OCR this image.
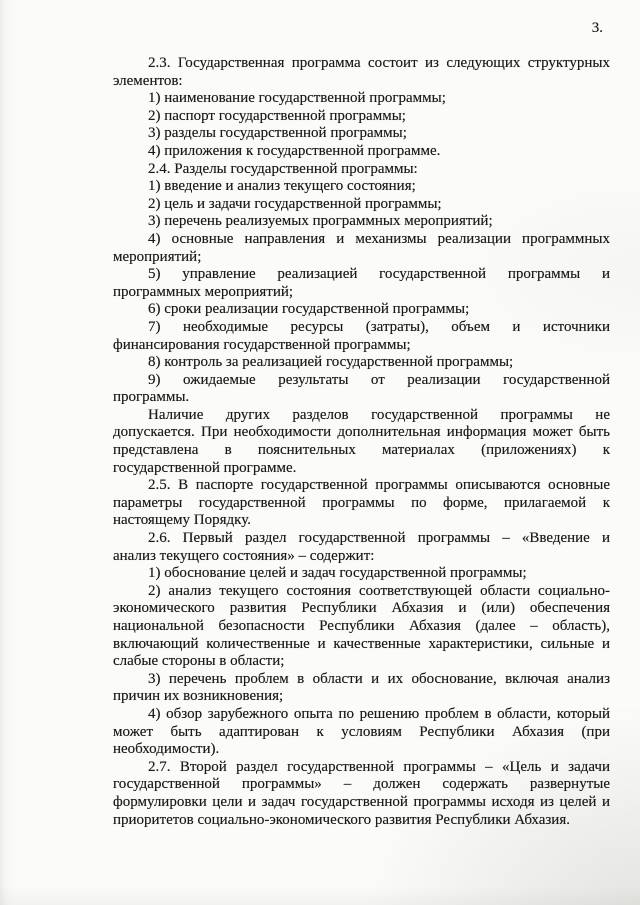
3.
2.3. Государственная программа состоит из следующих структурных
элементов:
1) наименование государственной программы;
2) паспорт государственной программы;
3) разделы государственной программы;
4) приложения к государственной программе.
2.4. Разделы государственной программы:
1) введение и анализ текущего состояния;
2) цель и задачи государственной программы;
3) перечень реализуемых программных мероприятий;
4) основные направления и механизмы реализации программных
мероприятий;
5) управление реализацией государственной программы и
программных мероприятий;
6) сроки реализации государственной программы;
7) необходимые ресурсы (затраты), объем и источники
финансирования государственной программы;
8) контроль за реализацией государственной программы;
9) ожидаемые результаты от реализации государственной
программы.
Наличие других разделов государственной программы не
допускается. При необходимости дополнительная информация может быть
представлена в пояснительных материалах (приложениях) к
государственной программе.
2.5. В паспорте государственной программы описываются основные
параметры государственной программы по форме, прилагаемой к
настоящему Порядку.
2.6. Первый раздел государственной программы – «Введение и
анализ текущего состояния» – содержит:
1) обоснование целей и задач государственной программы;
2) анализ текущего состояния соответствующей области социально-
экономического развития Республики Абхазия и (или) обеспечения
национальной безопасности Республики Абхазия (далее – область),
включающий количественные и качественные характеристики, сильные и
слабые стороны в области;
3) перечень проблем в области и их обоснование, включая анализ
причин их возникновения;
4) обзор зарубежного опыта по решению проблем в области, который
может быть адаптирован к условиям Республики Абхазия (при
необходимости).
2.7. Второй раздел государственной программы – «Цель и задачи
государственной программы» – должен содержать развернутые
формулировки цели и задач государственной программы исходя из целей и
приоритетов социально-экономического развития Республики Абхазия.
